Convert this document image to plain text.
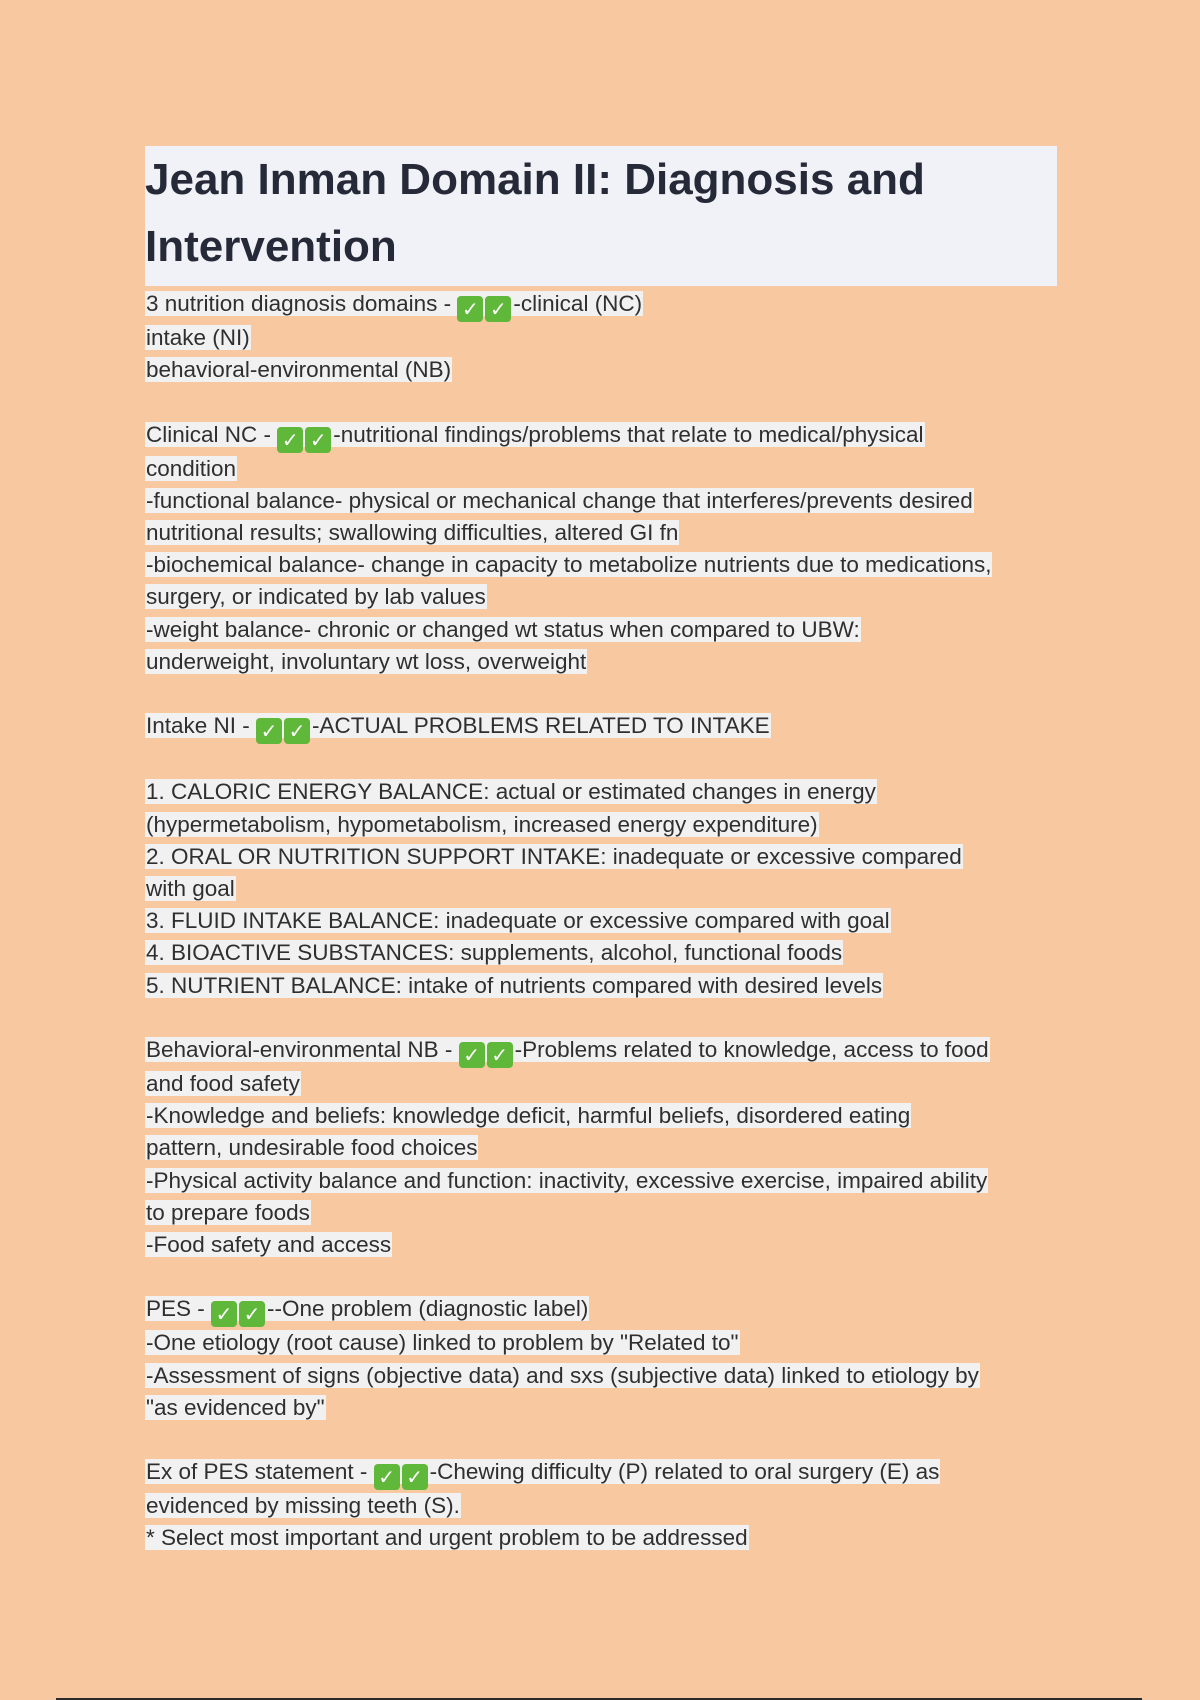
Jean Inman Domain II: Diagnosis and Intervention
3 nutrition diagnosis domains - ✓ ✓ -clinical (NC)
intake (NI)
behavioral-environmental (NB)
Clinical NC - ✓ ✓ -nutritional findings/problems that relate to medical/physical
condition
-functional balance- physical or mechanical change that interferes/prevents desired
nutritional results; swallowing difficulties, altered GI fn
-biochemical balance- change in capacity to metabolize nutrients due to medications,
surgery, or indicated by lab values
-weight balance- chronic or changed wt status when compared to UBW:
underweight, involuntary wt loss, overweight
Intake NI - ✓ ✓ -ACTUAL PROBLEMS RELATED TO INTAKE
1. CALORIC ENERGY BALANCE: actual or estimated changes in energy
(hypermetabolism, hypometabolism, increased energy expenditure)
2. ORAL OR NUTRITION SUPPORT INTAKE: inadequate or excessive compared
with goal
3. FLUID INTAKE BALANCE: inadequate or excessive compared with goal
4. BIOACTIVE SUBSTANCES: supplements, alcohol, functional foods
5. NUTRIENT BALANCE: intake of nutrients compared with desired levels
Behavioral-environmental NB - ✓ ✓ -Problems related to knowledge, access to food
and food safety
-Knowledge and beliefs: knowledge deficit, harmful beliefs, disordered eating
pattern, undesirable food choices
-Physical activity balance and function: inactivity, excessive exercise, impaired ability
to prepare foods
-Food safety and access
PES - ✓ ✓ --One problem (diagnostic label)
-One etiology (root cause) linked to problem by "Related to"
-Assessment of signs (objective data) and sxs (subjective data) linked to etiology by
"as evidenced by"
Ex of PES statement - ✓ ✓ -Chewing difficulty (P) related to oral surgery (E) as
evidenced by missing teeth (S).
* Select most important and urgent problem to be addressed
